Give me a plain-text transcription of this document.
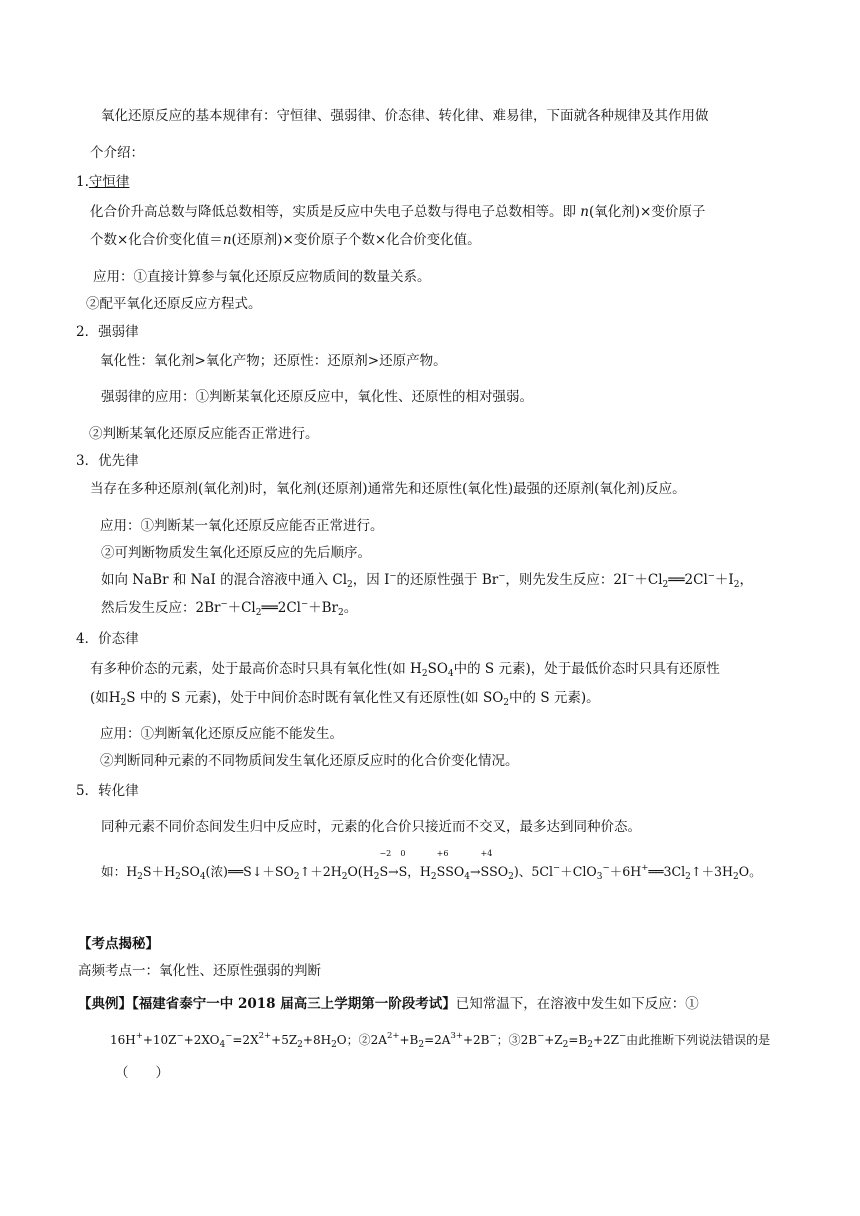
氧化还原反应的基本规律有：守恒律、强弱律、价态律、转化律、难易律，下面就各种规律及其作用做
个介绍：
1.守恒律
化合价升高总数与降低总数相等，实质是反应中失电子总数与得电子总数相等。即 n(氧化剂)×变价原子
个数×化合价变化值＝n(还原剂)×变价原子个数×化合价变化值。
应用：①直接计算参与氧化还原反应物质间的数量关系。
②配平氧化还原反应方程式。
2．强弱律
氧化性：氧化剂>氧化产物；还原性：还原剂>还原产物。
强弱律的应用：①判断某氧化还原反应中，氧化性、还原性的相对强弱。
②判断某氧化还原反应能否正常进行。
3．优先律
当存在多种还原剂(氧化剂)时，氧化剂(还原剂)通常先和还原性(氧化性)最强的还原剂(氧化剂)反应。
应用：①判断某一氧化还原反应能否正常进行。
②可判断物质发生氧化还原反应的先后顺序。
如向 NaBr 和 NaI 的混合溶液中通入 $Cl_2$，因 I−的还原性强于 Br−，则先发生反应：$2I^-+Cl_2══2Cl^-+I_2$，
然后发生反应：$2Br^-+Cl_2══2Cl^-+Br_2$。
4．价态律
有多种价态的元素，处于最高价态时只具有氧化性(如 $H_2SO_4$中的 S 元素)，处于最低价态时只具有还原性
(如$H_2S$ 中的 S 元素)，处于中间价态时既有氧化性又有还原性(如 $SO_2$中的 S 元素)。
应用：①判断氧化还原反应能不能发生。
②判断同种元素的不同物质间发生氧化还原反应时的化合价变化情况。
5．转化律
同种元素不同价态间发生归中反应时，元素的化合价只接近而不交叉，最多达到同种价态。
如：$H_2S+H_2SO_4$(浓)$══S↓+SO_2↑+2H_2O(H_2$
−2
S→
0
S，$H_2$
+6
$SSO_4\to$
+4
$SSO_2$)、$5Cl^-+ClO_3^-+6H^+══3Cl_2↑+3H_2O$。
【考点揭秘】
高频考点一：氧化性、还原性强弱的判断
【典例】【福建省泰宁一中 2018 届高三上学期第一阶段考试】已知常温下，在溶液中发生如下反应：①
$16H^++10Z^-+2XO_4^-=2X^{2+}+5Z_2+8H_2O$；$②2A^{2+}+B_2=2A^{3+}+2B^-$；$③2B^-+Z_2=B_2+2Z^-$由此推断下列说法错误的是
（　　）
